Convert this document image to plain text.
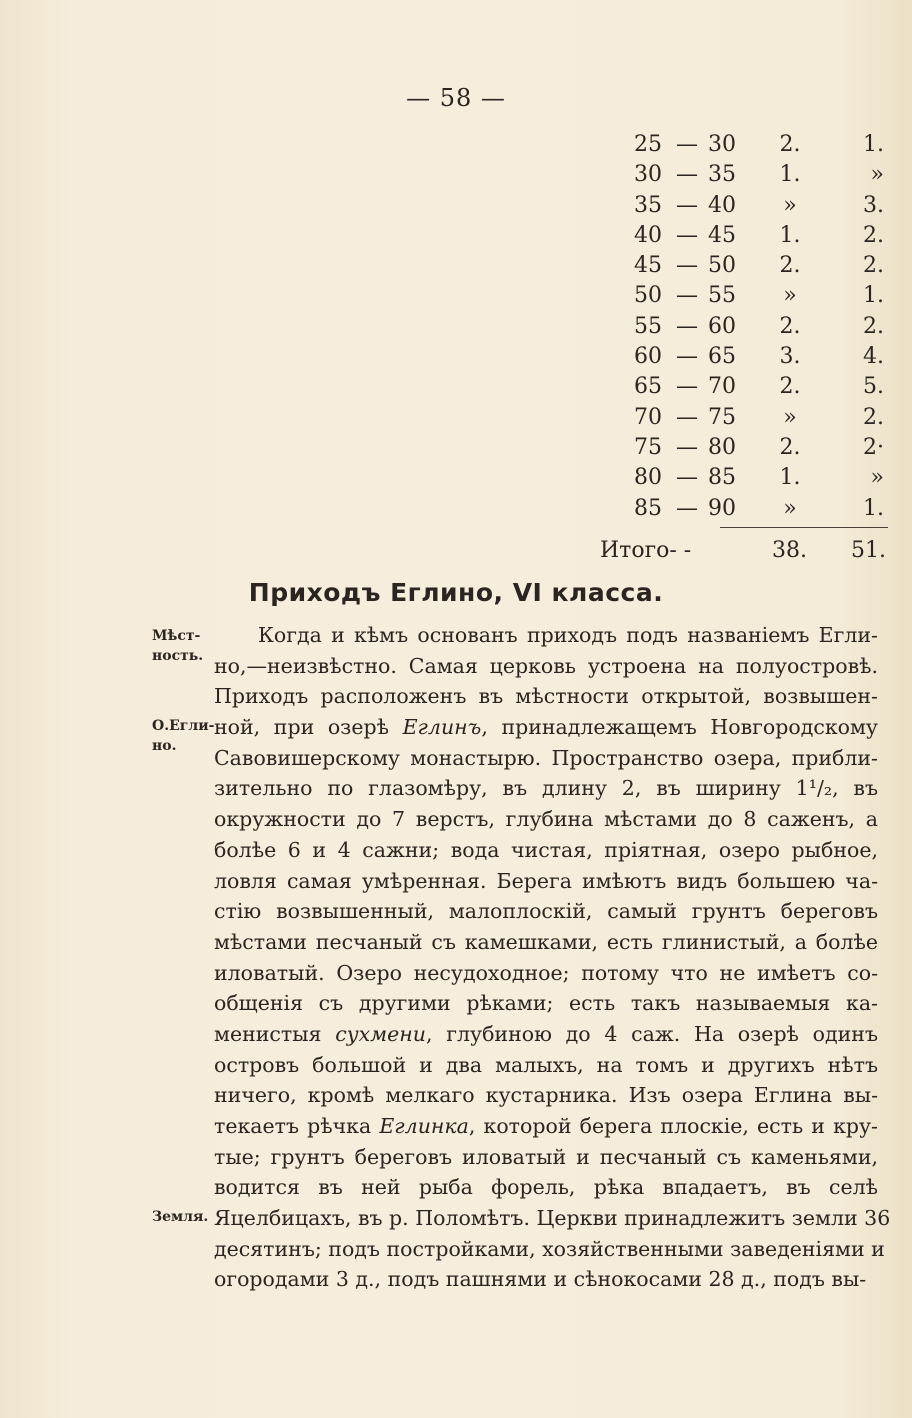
— 58 —
25 — 30	2.	1.
30 — 35	1.	»
35 — 40	»	3.
40 — 45	1.	2.
45 — 50	2.	2.
50 — 55	»	1.
55 — 60	2.	2.
60 — 65	3.	4.
65 — 70	2.	5.
70 — 75	»	2.
75 — 80	2.	2·
80 — 85	1.	»
85 — 90	»	1.
Итого- -	38. 51.
Приходъ Еглино, VI класса.
Мѣст-
ность.
О.Егли-
но.
Земля.
Когда и кѣмъ основанъ приходъ подъ названіемъ Егли-
но,—неизвѣстно. Самая церковь устроена на полуостровѣ.
Приходъ расположенъ въ мѣстности открытой, возвышен-
ной, при озерѣ Еглинъ, принадлежащемъ Новгородскому
Савовишерскому монастырю. Пространство озера, прибли-
зительно по глазомѣру, въ длину 2, въ ширину 1¹/₂, въ
окружности до 7 верстъ, глубина мѣстами до 8 саженъ, а
болѣе 6 и 4 сажни; вода чистая, пріятная, озеро рыбное,
ловля самая умѣренная. Берега имѣютъ видъ большею ча-
стію возвышенный, малоплоскій, самый грунтъ береговъ
мѣстами песчаный съ камешками, есть глинистый, а болѣе
иловатый. Озеро несудоходное; потому что не имѣетъ со-
общенія съ другими рѣками; есть такъ называемыя ка-
менистыя сухмени, глубиною до 4 саж. На озерѣ одинъ
островъ большой и два малыхъ, на томъ и другихъ нѣтъ
ничего, кромѣ мелкаго кустарника. Изъ озера Еглина вы-
текаетъ рѣчка Еглинка, которой берега плоскіе, есть и кру-
тые; грунтъ береговъ иловатый и песчаный съ каменьями,
водится въ ней рыба форель, рѣка впадаетъ, въ селѣ
Яцелбицахъ, въ р. Поломѣтъ. Церкви принадлежитъ земли 36
десятинъ; подъ постройками, хозяйственными заведеніями и
огородами 3 д., подъ пашнями и сѣнокосами 28 д., подъ вы-
